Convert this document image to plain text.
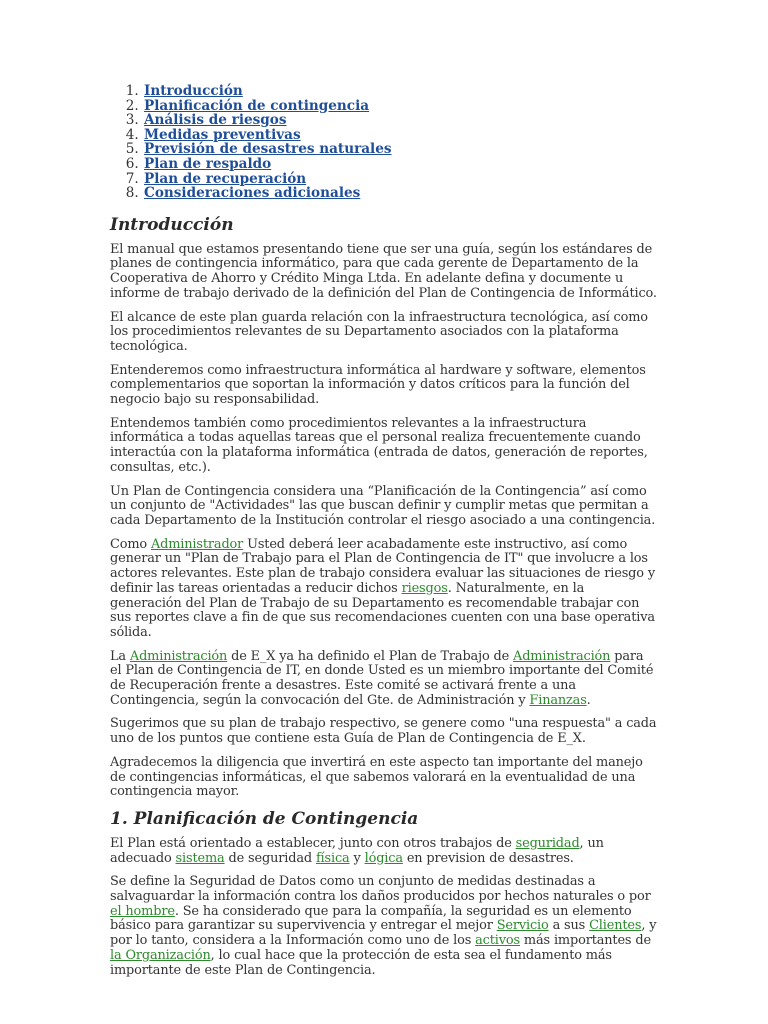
1. Introducción
2. Planificación de contingencia
3. Análisis de riesgos
4. Medidas preventivas
5. Previsión de desastres naturales
6. Plan de respaldo
7. Plan de recuperación
8. Consideraciones adicionales
Introducción

El manual que estamos presentando tiene que ser una guía, según los estándares de planes de contingencia informático, para que cada gerente de Departamento de la Cooperativa de Ahorro y Crédito Minga Ltda. En adelante defina y documente u informe de trabajo derivado de la definición del Plan de Contingencia de Informático.

El alcance de este plan guarda relación con la infraestructura tecnológica, así como los procedimientos relevantes de su Departamento asociados con la plataforma tecnológica.

Entenderemos como infraestructura informática al hardware y software, elementos complementarios que soportan la información y datos críticos para la función del negocio bajo su responsabilidad.

Entendemos también como procedimientos relevantes a la infraestructura informática a todas aquellas tareas que el personal realiza frecuentemente cuando interactúa con la plataforma informática (entrada de datos, generación de reportes, consultas, etc.).

Un Plan de Contingencia considera una “Planificación de la Contingencia” así como un conjunto de "Actividades" las que buscan definir y cumplir metas que permitan a cada Departamento de la Institución controlar el riesgo asociado a una contingencia.

Como Administrador Usted deberá leer acabadamente este instructivo, así como generar un "Plan de Trabajo para el Plan de Contingencia de IT" que involucre a los actores relevantes. Este plan de trabajo considera evaluar las situaciones de riesgo y definir las tareas orientadas a reducir dichos riesgos. Naturalmente, en la generación del Plan de Trabajo de su Departamento es recomendable trabajar con sus reportes clave a fin de que sus recomendaciones cuenten con una base operativa sólida.

La Administración de E_X ya ha definido el Plan de Trabajo de Administración para el Plan de Contingencia de IT, en donde Usted es un miembro importante del Comité de Recuperación frente a desastres. Este comité se activará frente a una Contingencia, según la convocación del Gte. de Administración y Finanzas.

Sugerimos que su plan de trabajo respectivo, se genere como "una respuesta" a cada uno de los puntos que contiene esta Guía de Plan de Contingencia de E_X.

Agradecemos la diligencia que invertirá en este aspecto tan importante del manejo de contingencias informáticas, el que sabemos valorará en la eventualidad de una contingencia mayor.

1. Planificación de Contingencia

El Plan está orientado a establecer, junto con otros trabajos de seguridad, un adecuado sistema de seguridad física y lógica en prevision de desastres.

Se define la Seguridad de Datos como un conjunto de medidas destinadas a salvaguardar la información contra los daños producidos por hechos naturales o por el hombre. Se ha considerado que para la compañía, la seguridad es un elemento básico para garantizar su supervivencia y entregar el mejor Servicio a sus Clientes, y por lo tanto, considera a la Información como uno de los activos más importantes de la Organización, lo cual hace que la protección de esta sea el fundamento más importante de este Plan de Contingencia.
